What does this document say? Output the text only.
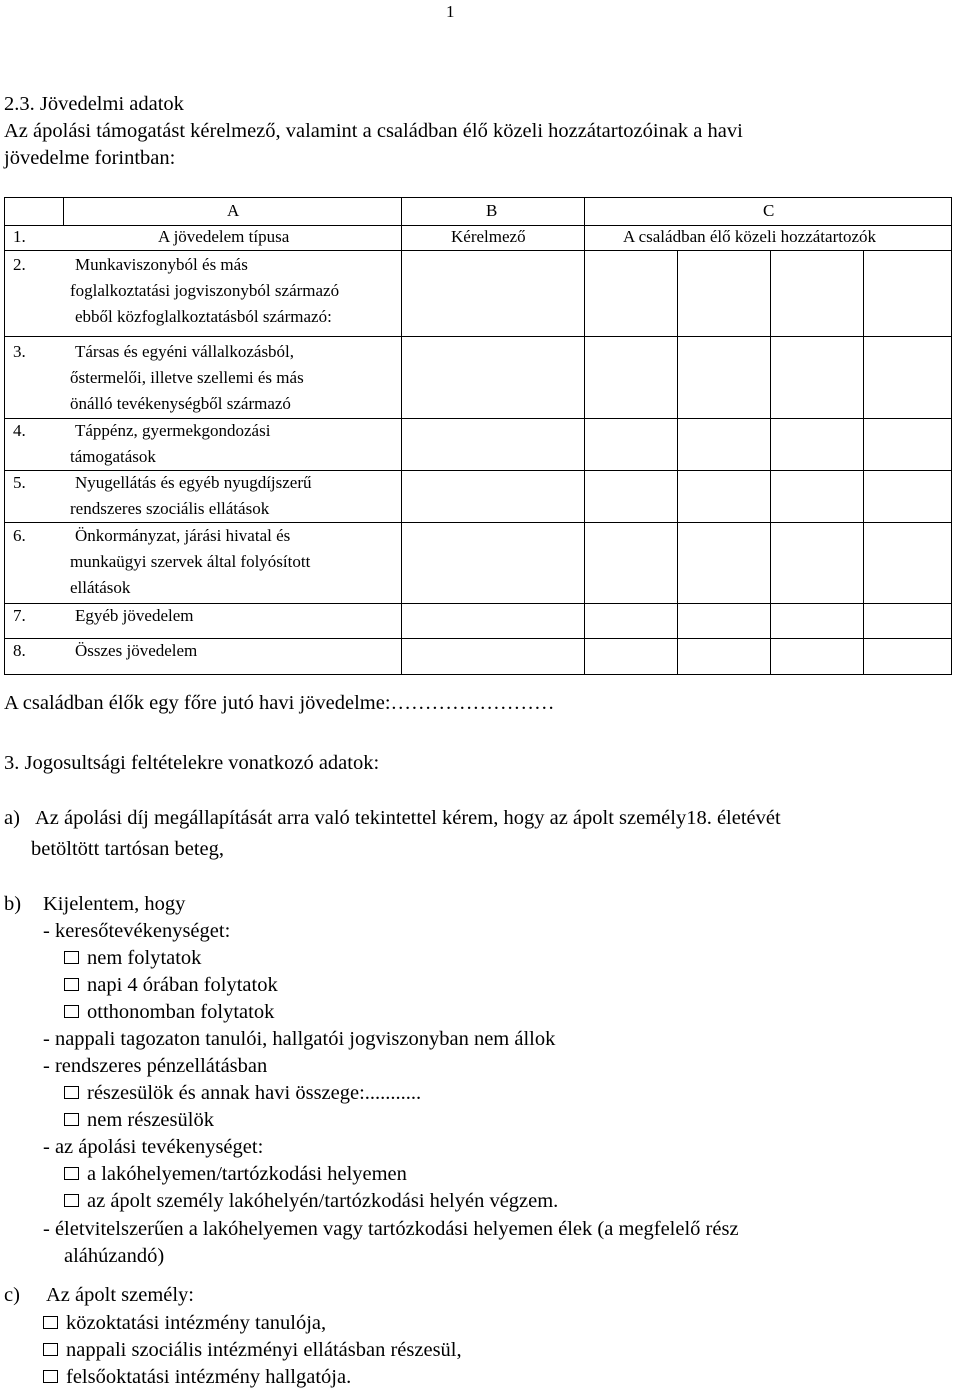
1
2.3. Jövedelmi adatok
Az ápolási támogatást kérelmező, valamint a családban élő közeli hozzátartozóinak a havi
jövedelme forintban:
A	B	C
1.	A jövedelem típusa	Kérelmező	A családban élő közeli hozzátartozók
2.	Munkaviszonyból és más
foglalkoztatási jogviszonyból származó
ebből közfoglalkoztatásból származó:
3.	Társas és egyéni vállalkozásból,
őstermelői, illetve szellemi és más
önálló tevékenységből származó
4.	Táppénz, gyermekgondozási
támogatások
5.	Nyugellátás és egyéb nyugdíjszerű
rendszeres szociális ellátások
6.	Önkormányzat, járási hivatal és
munkaügyi szervek által folyósított
ellátások
7.	Egyéb jövedelem
8.	Összes jövedelem
A családban élők egy főre jutó havi jövedelme:……………………
3. Jogosultsági feltételekre vonatkozó adatok:
a) Az ápolási díj megállapítását arra való tekintettel kérem, hogy az ápolt személy18. életévét
betöltött tartósan beteg,
b) Kijelentem, hogy
- keresőtevékenységet:
nem folytatok
napi 4 órában folytatok
otthonomban folytatok
- nappali tagozaton tanulói, hallgatói jogviszonyban nem állok
- rendszeres pénzellátásban
részesülök és annak havi összege:...........
nem részesülök
- az ápolási tevékenységet:
a lakóhelyemen/tartózkodási helyemen
az ápolt személy lakóhelyén/tartózkodási helyén végzem.
- életvitelszerűen a lakóhelyemen vagy tartózkodási helyemen élek (a megfelelő rész
aláhúzandó)
c) Az ápolt személy:
közoktatási intézmény tanulója,
nappali szociális intézményi ellátásban részesül,
felsőoktatási intézmény hallgatója.
